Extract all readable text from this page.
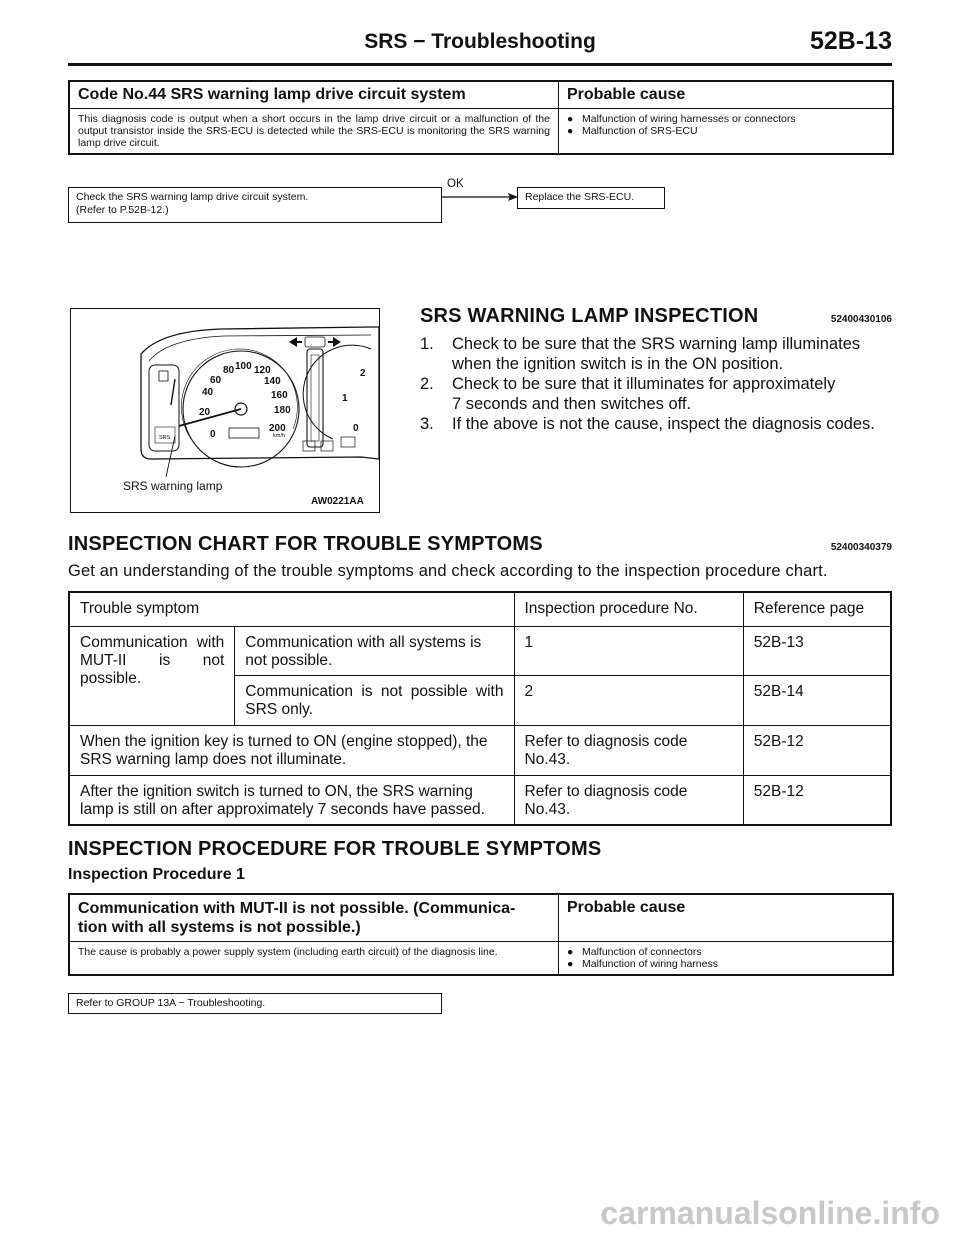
SRS − Troubleshooting	52B-13
Code No.44 SRS warning lamp drive circuit system	Probable cause
This diagnosis code is output when a short occurs in the lamp drive circuit or a malfunction of the output transistor inside the SRS-ECU is detected while the SRS-ECU is monitoring the SRS warning lamp drive circuit.
● Malfunction of wiring harnesses or connectors
● Malfunction of SRS-ECU
Check the SRS warning lamp drive circuit system.
(Refer to P.52B-12.)
OK
Replace the SRS-ECU.
SRS	0
20
40
60
80 100 120
140
160
180
200
km/h
0
1
2
SRS warning lamp
AW0221AA
SRS WARNING LAMP INSPECTION	52400430106
1.	Check to be sure that the SRS warning lamp illuminates
when the ignition switch is in the ON position.
2.	Check to be sure that it illuminates for approximately
7 seconds and then switches off.
3.	If the above is not the cause, inspect the diagnosis codes.
INSPECTION CHART FOR TROUBLE SYMPTOMS	52400340379
Get an understanding of the trouble symptoms and check according to the inspection procedure chart.
Trouble symptom		Inspection procedure No.	Reference page
Communication with MUT-II is not possible.	Communication with all systems is not possible.	1	52B-13
	Communication is not possible with SRS only.	2	52B-14
When the ignition key is turned to ON (engine stopped), the SRS warning lamp does not illuminate.		Refer to diagnosis code No.43.	52B-12
After the ignition switch is turned to ON, the SRS warning lamp is still on after approximately 7 seconds have passed.		Refer to diagnosis code No.43.	52B-12
INSPECTION PROCEDURE FOR TROUBLE SYMPTOMS
Inspection Procedure 1
Communication with MUT-II is not possible. (Communica-
tion with all systems is not possible.)
Probable cause
The cause is probably a power supply system (including earth circuit) of the diagnosis line.	● Malfunction of connectors
● Malfunction of wiring harness
Refer to GROUP 13A − Troubleshooting.
carmanualsonline.info
